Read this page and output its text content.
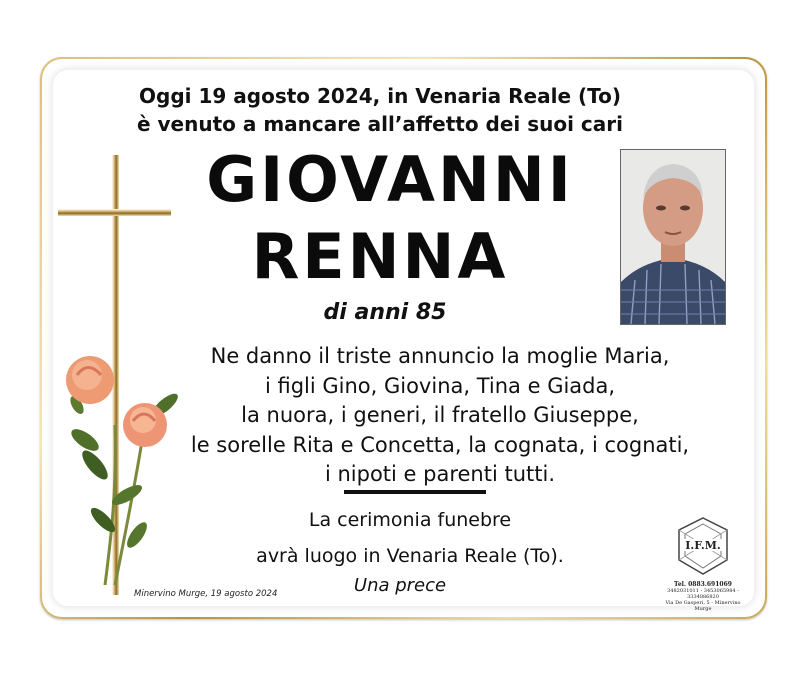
Oggi 19 agosto 2024, in Venaria Reale (To)
è venuto a mancare all’affetto dei suoi cari
GIOVANNI
RENNA
di anni 85
Ne danno il triste annuncio la moglie Maria,
i figli Gino, Giovina, Tina e Giada,
la nuora, i generi, il fratello Giuseppe,
le sorelle Rita e Concetta, la cognata, i cognati,
i nipoti e parenti tutti.
La cerimonia funebre
avrà luogo in Venaria Reale (To).
Una prece
Minervino Murge, 19 agosto 2024
I.F.M.
Tel. 0883.691069
3482031011 - 3453065984 - 3334886820
Via De Gasperi, 5 - Minervino Murge
